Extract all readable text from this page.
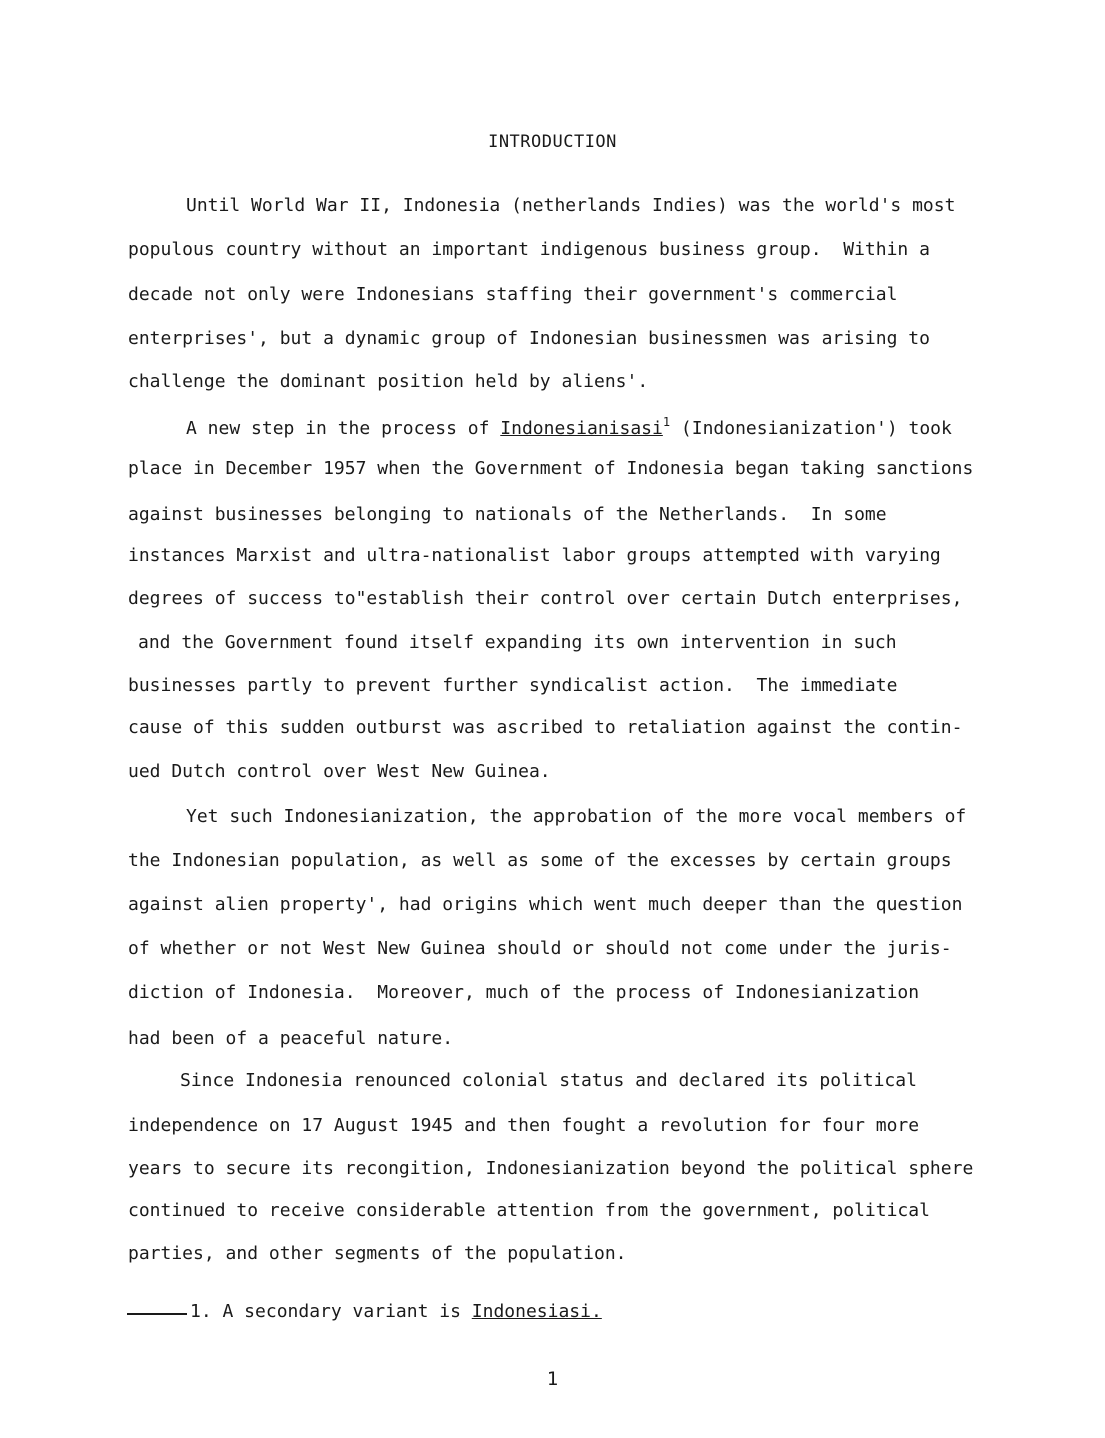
INTRODUCTION
Until World War II, Indonesia (netherlands Indies) was the world's most
populous country without an important indigenous business group.  Within a
decade not only were Indonesians staffing their government's commercial
enterprises', but a dynamic group of Indonesian businessmen was arising to
challenge the dominant position held by aliens'.
A new step in the process of Indonesianisasi$^1$ (Indonesianization') took
place in December 1957 when the Government of Indonesia began taking sanctions
against businesses belonging to nationals of the Netherlands.  In some
instances Marxist and ultra-nationalist labor groups attempted with varying
degrees of success to"establish their control over certain Dutch enterprises,
and the Government found itself expanding its own intervention in such
businesses partly to prevent further syndicalist action.  The immediate
cause of this sudden outburst was ascribed to retaliation against the contin-
ued Dutch control over West New Guinea.
Yet such Indonesianization, the approbation of the more vocal members of
the Indonesian population, as well as some of the excesses by certain groups
against alien property', had origins which went much deeper than the question
of whether or not West New Guinea should or should not come under the juris-
diction of Indonesia.  Moreover, much of the process of Indonesianization
had been of a peaceful nature.
Since Indonesia renounced colonial status and declared its political
independence on 17 August 1945 and then fought a revolution for four more
years to secure its recongition, Indonesianization beyond the political sphere
continued to receive considerable attention from the government, political
parties, and other segments of the population.
1. A secondary variant is Indonesiasi.
1
